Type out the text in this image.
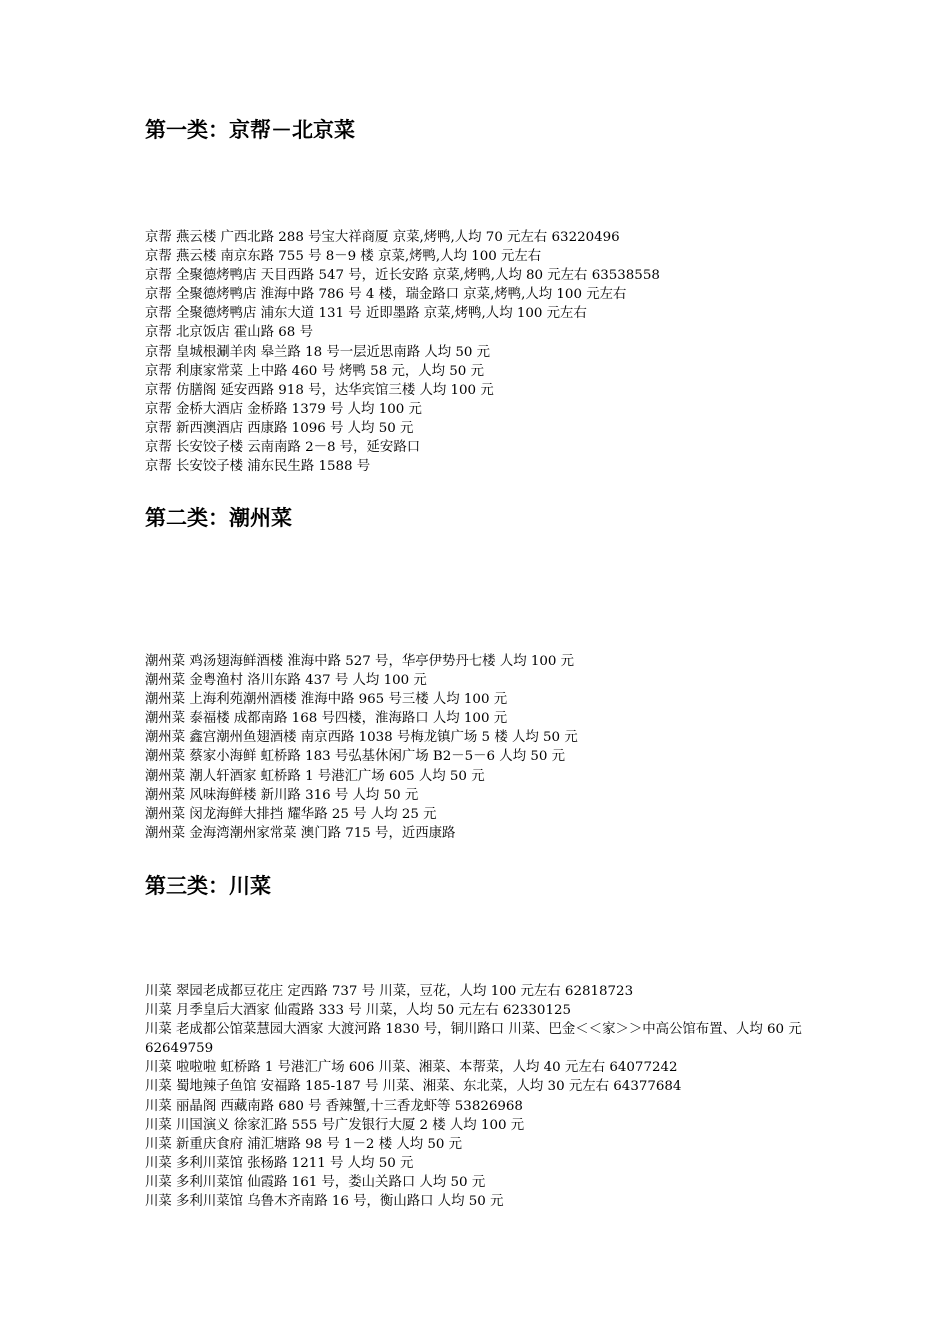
第一类：京帮－北京菜
京帮 燕云楼 广西北路 288 号宝大祥商厦 京菜,烤鸭,人均 70 元左右 63220496
京帮 燕云楼 南京东路 755 号 8－9 楼 京菜,烤鸭,人均 100 元左右
京帮 全聚德烤鸭店 天目西路 547 号，近长安路 京菜,烤鸭,人均 80 元左右 63538558
京帮 全聚德烤鸭店 淮海中路 786 号 4 楼，瑞金路口 京菜,烤鸭,人均 100 元左右
京帮 全聚德烤鸭店 浦东大道 131 号 近即墨路 京菜,烤鸭,人均 100 元左右
京帮 北京饭店 霍山路 68 号
京帮 皇城根涮羊肉 皋兰路 18 号一层近思南路 人均 50 元
京帮 利康家常菜 上中路 460 号 烤鸭 58 元，人均 50 元
京帮 仿膳阁 延安西路 918 号，达华宾馆三楼 人均 100 元
京帮 金桥大酒店 金桥路 1379 号 人均 100 元
京帮 新西澳酒店 西康路 1096 号 人均 50 元
京帮 长安饺子楼 云南南路 2－8 号，延安路口
京帮 长安饺子楼 浦东民生路 1588 号
第二类：潮州菜
潮州菜 鸡汤翅海鲜酒楼 淮海中路 527 号，华亭伊势丹七楼 人均 100 元
潮州菜 金粤渔村 洛川东路 437 号 人均 100 元
潮州菜 上海利苑潮州酒楼 淮海中路 965 号三楼 人均 100 元
潮州菜 泰福楼 成都南路 168 号四楼，淮海路口 人均 100 元
潮州菜 鑫宫潮州鱼翅酒楼 南京西路 1038 号梅龙镇广场 5 楼 人均 50 元
潮州菜 蔡家小海鲜 虹桥路 183 号弘基休闲广场 B2－5－6 人均 50 元
潮州菜 潮人轩酒家 虹桥路 1 号港汇广场 605 人均 50 元
潮州菜 风味海鲜楼 新川路 316 号 人均 50 元
潮州菜 闵龙海鲜大排挡 耀华路 25 号 人均 25 元
潮州菜 金海湾潮州家常菜 澳门路 715 号，近西康路
第三类：川菜
川菜 翠园老成都豆花庄 定西路 737 号 川菜，豆花，人均 100 元左右 62818723
川菜 月季皇后大酒家 仙霞路 333 号 川菜，人均 50 元左右 62330125
川菜 老成都公馆菜慧园大酒家 大渡河路 1830 号，铜川路口 川菜、巴金＜＜家＞＞中高公馆布置、人均 60 元 62649759
川菜 啦啦啦 虹桥路 1 号港汇广场 606 川菜、湘菜、本帮菜，人均 40 元左右 64077242
川菜 蜀地辣子鱼馆 安福路 185-187 号 川菜、湘菜、东北菜，人均 30 元左右 64377684
川菜 丽晶阁 西藏南路 680 号 香辣蟹,十三香龙虾等 53826968
川菜 川国演义 徐家汇路 555 号广发银行大厦 2 楼 人均 100 元
川菜 新重庆食府 浦汇塘路 98 号 1－2 楼 人均 50 元
川菜 多利川菜馆 张杨路 1211 号 人均 50 元
川菜 多利川菜馆 仙霞路 161 号，娄山关路口 人均 50 元
川菜 多利川菜馆 乌鲁木齐南路 16 号，衡山路口 人均 50 元
